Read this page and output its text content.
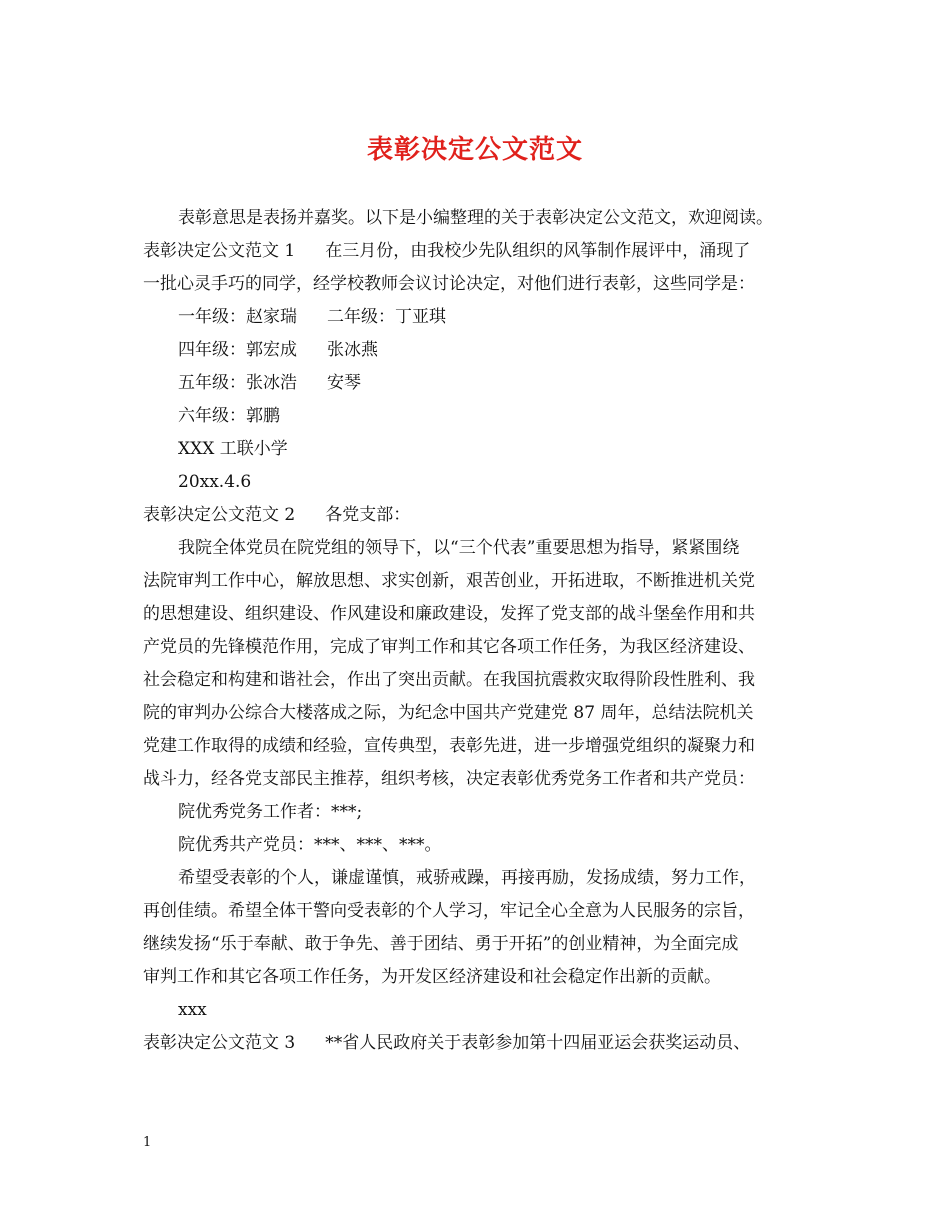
表彰决定公文范文
表彰意思是表扬并嘉奖。以下是小编整理的关于表彰决定公文范文，欢迎阅读。
表彰决定公文范文 1 在三月份，由我校少先队组织的风筝制作展评中，涌现了
一批心灵手巧的同学，经学校教师会议讨论决定，对他们进行表彰，这些同学是：
一年级：赵家瑞 二年级：丁亚琪
四年级：郭宏成 张冰燕
五年级：张冰浩 安琴
六年级：郭鹏
XXX 工联小学
20xx.4.6
表彰决定公文范文 2 各党支部：
我院全体党员在院党组的领导下，以“三个代表”重要思想为指导，紧紧围绕
法院审判工作中心，解放思想、求实创新，艰苦创业，开拓进取，不断推进机关党
的思想建设、组织建设、作风建设和廉政建设，发挥了党支部的战斗堡垒作用和共
产党员的先锋模范作用，完成了审判工作和其它各项工作任务，为我区经济建设、
社会稳定和构建和谐社会，作出了突出贡献。在我国抗震救灾取得阶段性胜利、我
院的审判办公综合大楼落成之际，为纪念中国共产党建党 87 周年，总结法院机关
党建工作取得的成绩和经验，宣传典型，表彰先进，进一步增强党组织的凝聚力和
战斗力，经各党支部民主推荐，组织考核，决定表彰优秀党务工作者和共产党员：
院优秀党务工作者：***;
院优秀共产党员：***、***、***。
希望受表彰的个人，谦虚谨慎，戒骄戒躁，再接再励，发扬成绩，努力工作，
再创佳绩。希望全体干警向受表彰的个人学习，牢记全心全意为人民服务的宗旨，
继续发扬“乐于奉献、敢于争先、善于团结、勇于开拓”的创业精神，为全面完成
审判工作和其它各项工作任务，为开发区经济建设和社会稳定作出新的贡献。
xxx
表彰决定公文范文 3 **省人民政府关于表彰参加第十四届亚运会获奖运动员、
1
